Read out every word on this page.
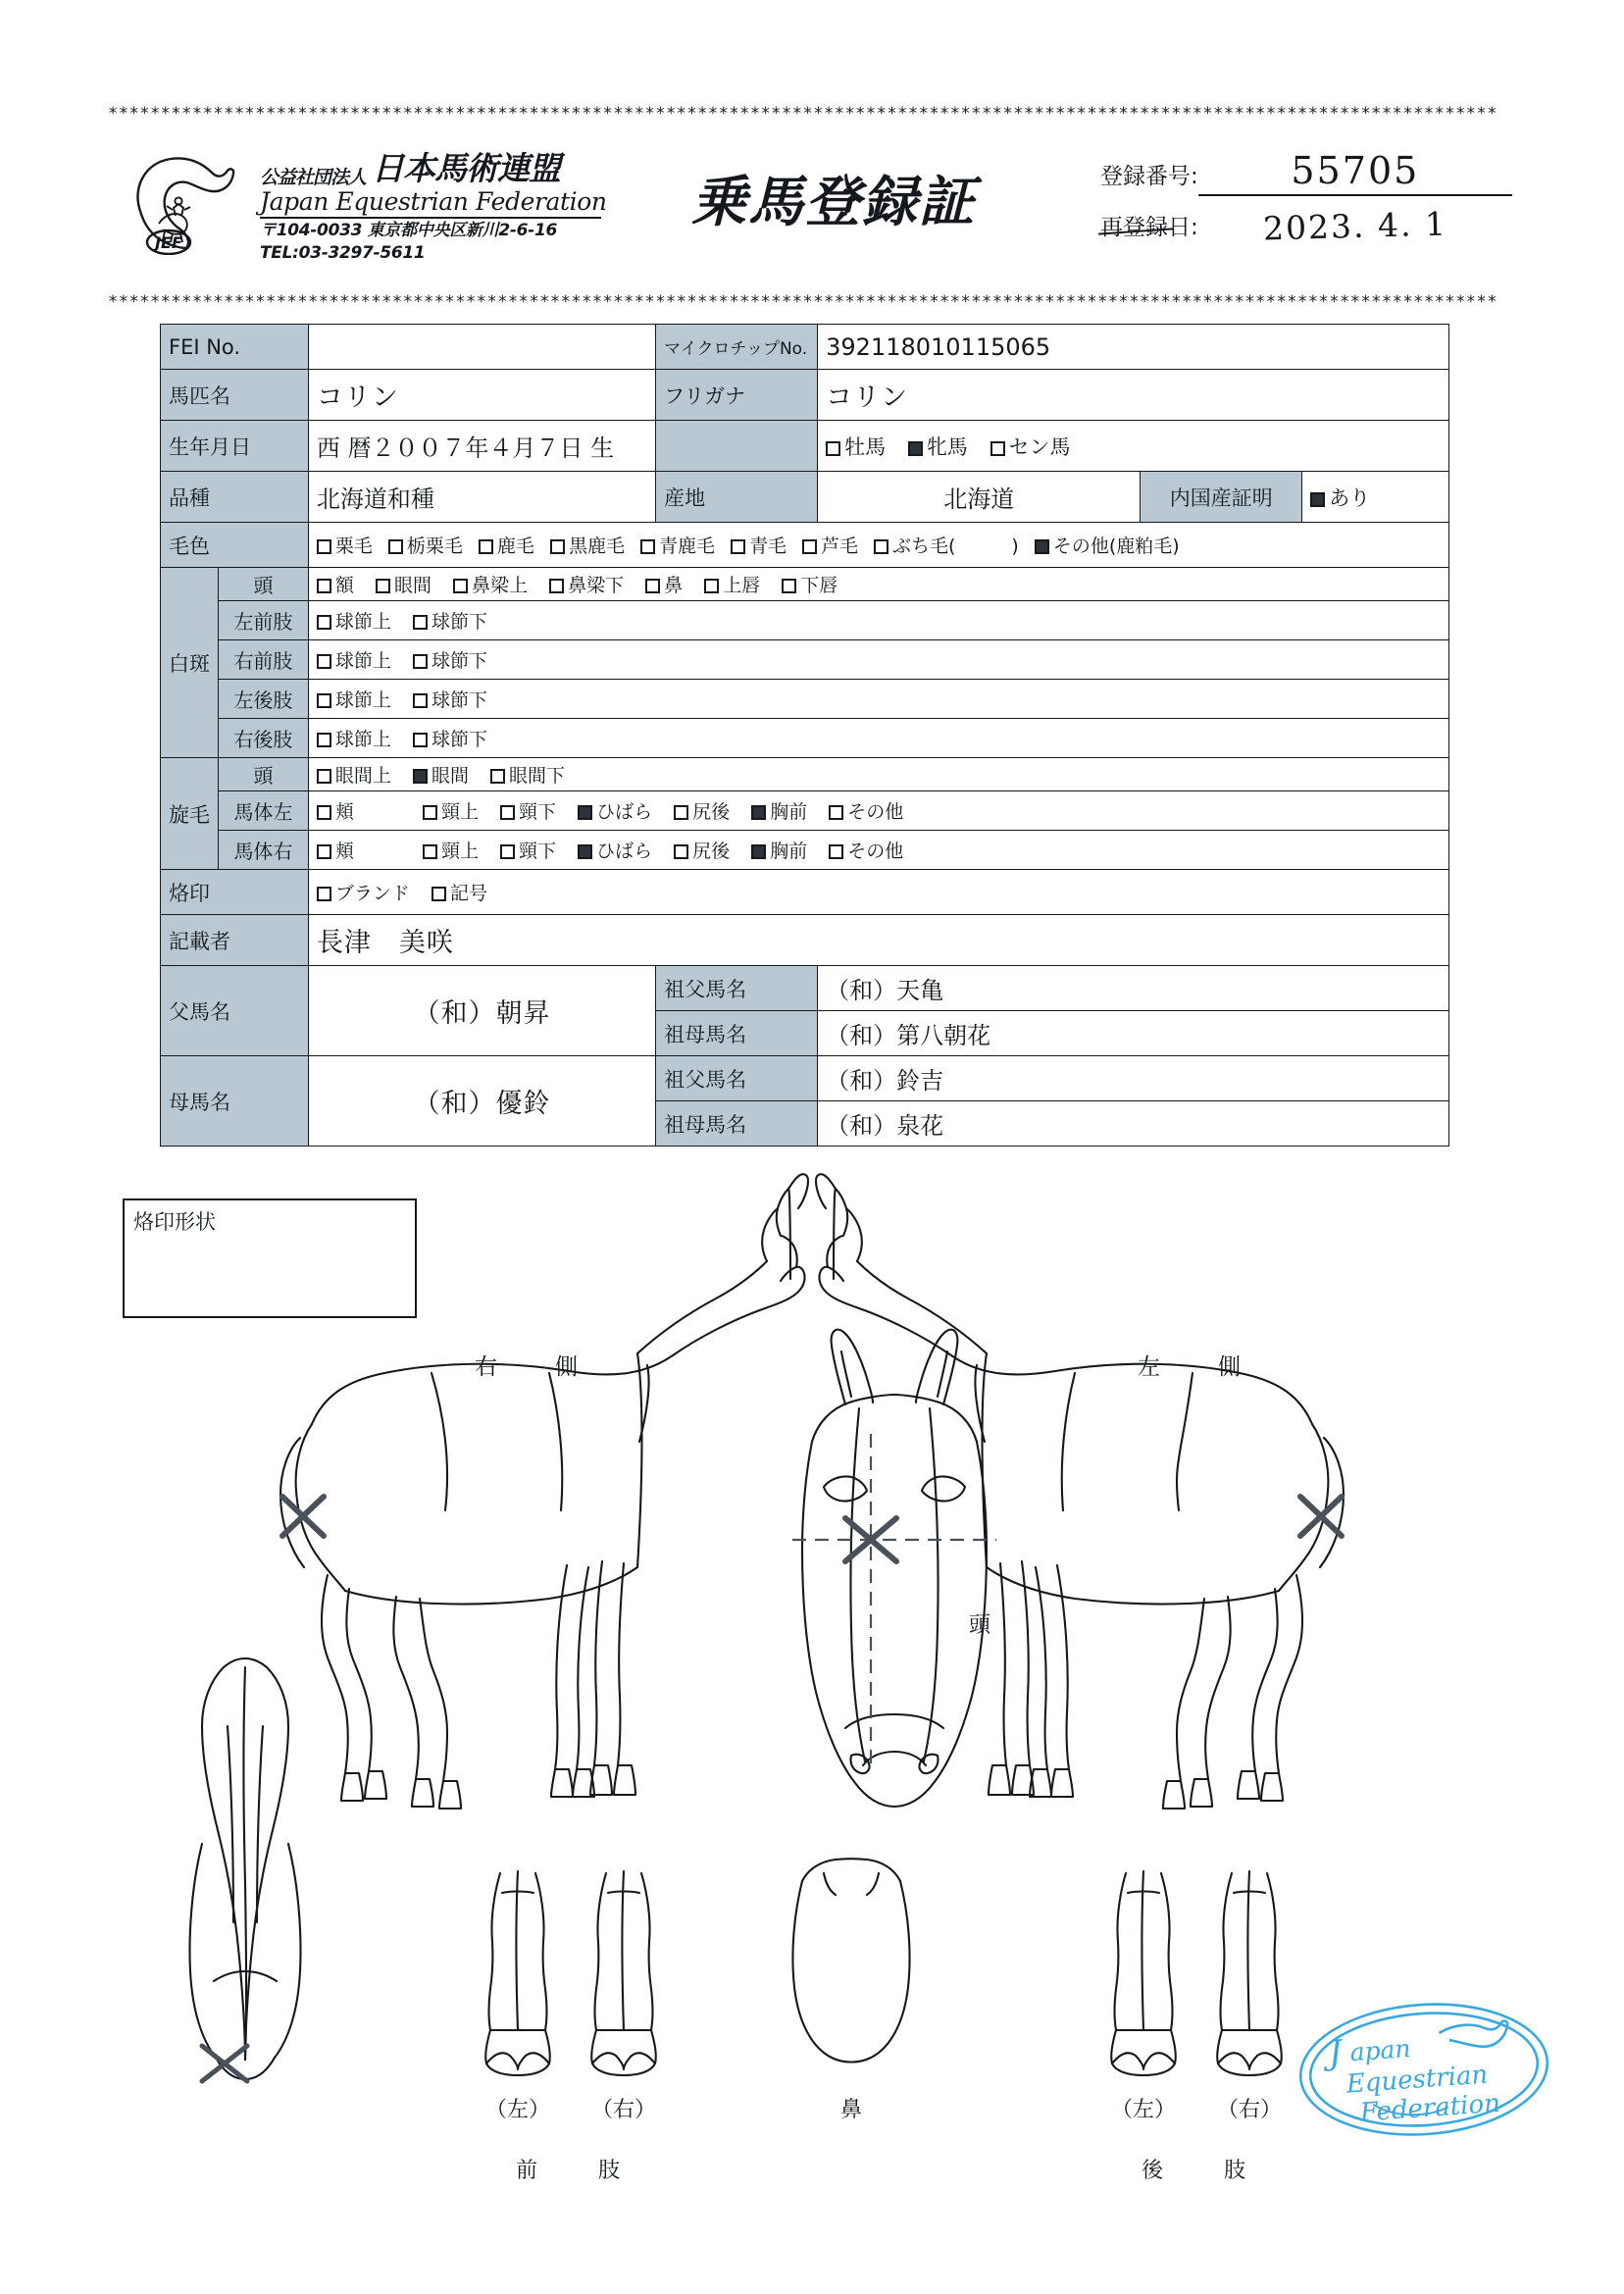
************************************************************************************************************************************
************************************************************************************************************************************
JEF
公益社団法人 日本馬術連盟
Japan Equestrian Federation
〒104-0033 東京都中央区新川2-6-16
TEL:03-3297-5611
乗馬登録証	登録番号:	55705
再登録日:	2023. 4. 1
FEI No.			マイクロチップNo.	392118010115065		
馬匹名		コリン	フリガナ	コリン		
生年月日		西 暦２００７年４月７日 生		牡馬 牝馬 セン馬		
品種		北海道和種	産地	北海道	内国産証明	あり
毛色	栗毛	栃栗毛	鹿毛	黒鹿毛	青鹿毛	青毛	芦毛	ぶち毛(　　　)	その他(鹿粕毛)

白斑	頭	額 眼間 鼻梁上 鼻梁下 鼻 上唇 下唇				
	左前肢	球節上 球節下				
	右前肢	球節上 球節下				
	左後肢	球節上 球節下				
	右後肢	球節上 球節下				
旋毛	頭	眼間上 眼間 眼間下				
	馬体左	頬 頸上 頸下 ひばら 尻後 胸前 その他				
	馬体右	頬 頸上 頸下 ひばら 尻後 胸前 その他				
烙印		ブランド 記号				
記載者		長津　美咲				
父馬名		（和）朝昇	祖父馬名	（和）天亀		
			祖母馬名	（和）第八朝花		
母馬名		（和）優鈴	祖父馬名	（和）鈴吉		
			祖母馬名	（和）泉花		
烙印形状
右　側	左　側
頭
（左）	（右）
前　　肢
（左）	（右）
後　　肢
鼻
J apan
Equestrian
Federation
